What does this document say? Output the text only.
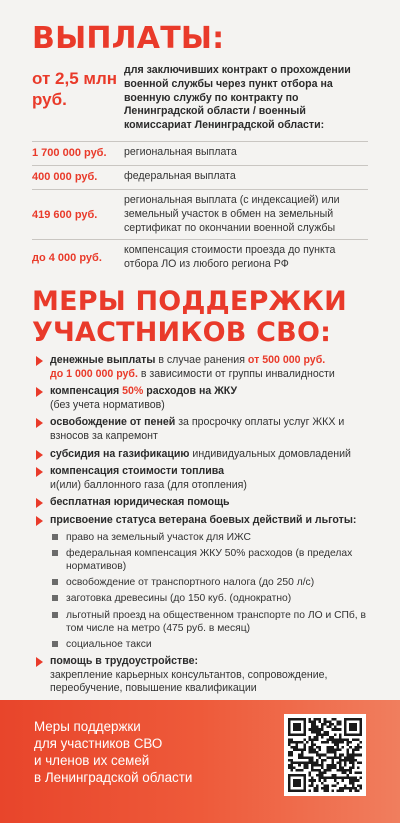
ВЫПЛАТЫ:
от 2,5 млн руб.
для заключивших контракт о прохождении военной службы через пункт отбора на военную службу по контракту по Ленинградской области / военный комиссариат Ленинградской области:
1 700 000 руб.	региональная выплата
400 000 руб.	федеральная выплата
419 600 руб.
региональная выплата (с индексацией) или земельный участок в обмен на земельный сертификат по окончании военной службы
до 4 000 руб.
компенсация стоимости проезда до пункта отбора ЛО из любого региона РФ
МЕРЫ ПОДДЕРЖКИ
УЧАСТНИКОВ СВО:
денежные выплаты в случае ранения от 500 000 руб.
до 1 000 000 руб. в зависимости от группы инвалидности
компенсация 50% расходов на ЖКУ
(без учета нормативов)
освобождение от пеней за просрочку оплаты услуг ЖКХ и взносов за капремонт
субсидия на газификацию индивидуальных домовладений
компенсация стоимости топлива
и(или) баллонного газа (для отопления)
бесплатная юридическая помощь
присвоение статуса ветерана боевых действий и льготы:
право на земельный участок для ИЖС
федеральная компенсация ЖКУ 50% расходов (в пределах нормативов)
освобождение от транспортного налога (до 250 л/с)
заготовка древесины (до 150 куб. (однократно)
льготный проезд на общественном транспорте по ЛО и СПб, в том числе на метро (475 руб. в месяц)
социальное такси
помощь в трудоустройстве:
закрепление карьерных консультантов, сопровождение, переобучение, повышение квалификации
Меры поддержки
для участников СВО
и членов их семей
в Ленинградской области
